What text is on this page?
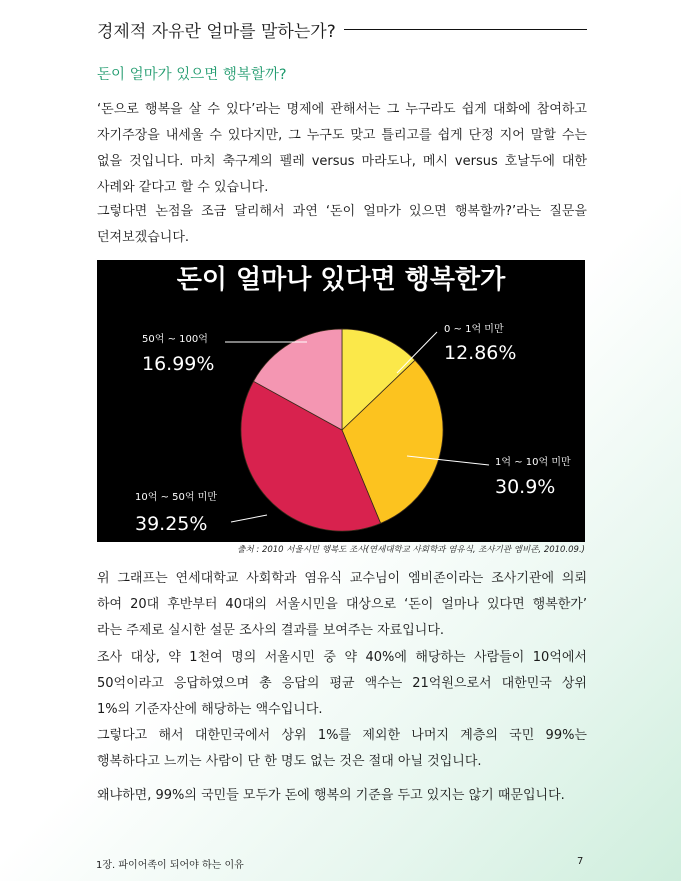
경제적 자유란 얼마를 말하는가?
돈이 얼마가 있으면 행복할까?

‘돈으로 행복을 살 수 있다’라는 명제에 관해서는 그 누구라도 쉽게 대화에 참여하고
자기주장을 내세울 수 있다지만, 그 누구도 맞고 틀리고를 쉽게 단정 지어 말할 수는
없을 것입니다. 마치 축구계의 펠레 versus 마라도나, 메시 versus 호날두에 대한
사례와 같다고 할 수 있습니다.

그렇다면 논점을 조금 달리해서 과연 ‘돈이 얼마가 있으면 행복할까?’라는 질문을
던져보겠습니다.

돈이 얼마나 있다면 행복한가
0 ~ 1억 미만
12.86%
1억 ~ 10억 미만
30.9%
10억 ~ 50억 미만
39.25%
50억 ~ 100억
16.99%
출처 : 2010 서울시민 행복도 조사(연세대학교 사회학과 염유식, 조사기관 엠비존, 2010.09.)

위 그래프는 연세대학교 사회학과 염유식 교수님이 엠비존이라는 조사기관에 의뢰
하여 20대 후반부터 40대의 서울시민을 대상으로 ‘돈이 얼마나 있다면 행복한가’
라는 주제로 실시한 설문 조사의 결과를 보여주는 자료입니다.

조사 대상, 약 1천여 명의 서울시민 중 약 40%에 해당하는 사람들이 10억에서
50억이라고 응답하였으며 총 응답의 평균 액수는 21억원으로서 대한민국 상위
1%의 기준자산에 해당하는 액수입니다.

그렇다고 해서 대한민국에서 상위 1%를 제외한 나머지 계층의 국민 99%는
행복하다고 느끼는 사람이 단 한 명도 없는 것은 절대 아닐 것입니다.

왜냐하면, 99%의 국민들 모두가 돈에 행복의 기준을 두고 있지는 않기 때문입니다.

1장. 파이어족이 되어야 하는 이유	7
